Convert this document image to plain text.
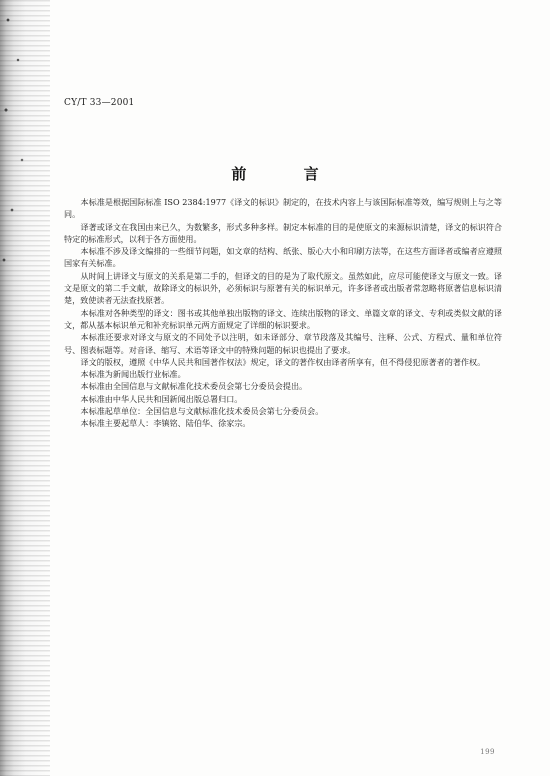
CY/T 33—2001
前 言

本标准是根据国际标准 ISO 2384:1977《译文的标识》制定的，在技术内容上与该国际标准等效，编写规则上与之等同。

译著或译文在我国由来已久，为数繁多，形式多种多样。制定本标准的目的是使原文的来源标识清楚，译文的标识符合特定的标准形式，以利于各方面使用。

本标准不涉及译文编排的一些细节问题，如文章的结构、纸张、版心大小和印刷方法等，在这些方面译者或编者应遵照国家有关标准。

从时间上讲译文与原文的关系是第二手的，但译文的目的是为了取代原文。虽然如此，应尽可能使译文与原文一致。译文是原文的第二手文献，故除译文的标识外，必须标识与原著有关的标识单元，许多译者或出版者常忽略将原著信息标识清楚，致使读者无法查找原著。

本标准对各种类型的译文：图书或其他单独出版物的译文、连续出版物的译文、单篇文章的译文、专利或类似文献的译文，都从基本标识单元和补充标识单元两方面规定了详细的标识要求。

本标准还要求对译文与原文的不同处予以注明，如未译部分、章节段落及其编号、注释、公式、方程式、量和单位符号、图表标题等。对音译、缩写、术语等译文中的特殊问题的标识也提出了要求。

译文的版权，遵照《中华人民共和国著作权法》规定，译文的著作权由译者所享有，但不得侵犯原著者的著作权。

本标准为新闻出版行业标准。

本标准由全国信息与文献标准化技术委员会第七分委员会提出。

本标准由中华人民共和国新闻出版总署归口。

本标准起草单位：全国信息与文献标准化技术委员会第七分委员会。

本标准主要起草人：李镇铭、陆伯华、徐家宗。

199
